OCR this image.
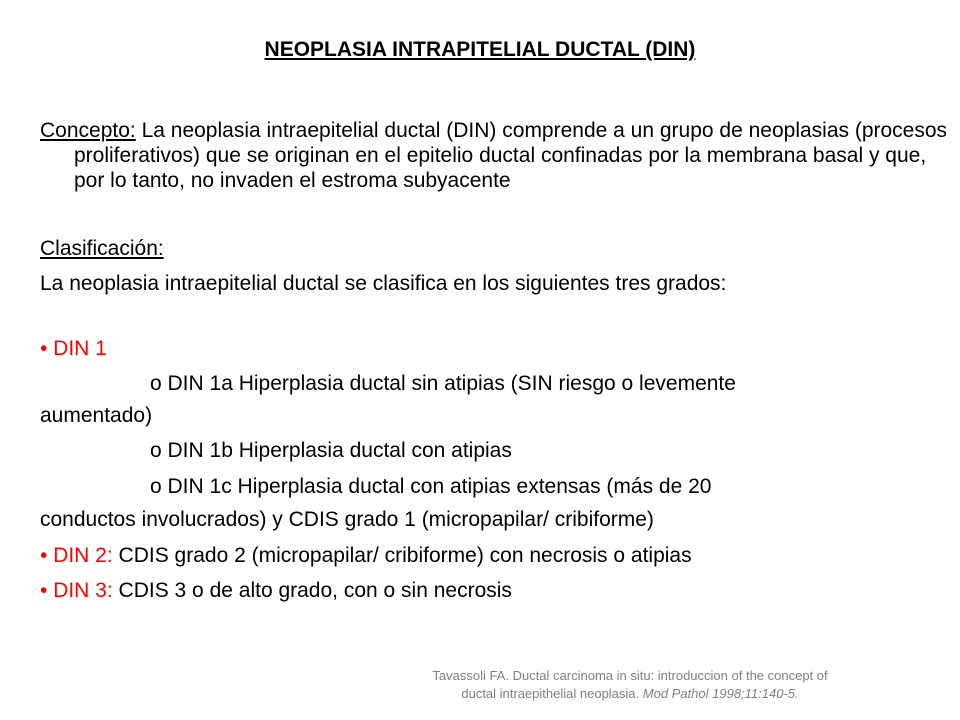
NEOPLASIA INTRAPITELIAL DUCTAL (DIN)
Concepto: La neoplasia intraepitelial ductal (DIN) comprende a un grupo de neoplasias (procesos proliferativos) que se originan en el epitelio ductal confinadas por la membrana basal y que, por lo tanto, no invaden el estroma subyacente
Clasificación:
La neoplasia intraepitelial ductal se clasifica en los siguientes tres grados:
• DIN 1
o DIN 1a Hiperplasia ductal sin atipias (SIN riesgo o levemente
aumentado)
o DIN 1b Hiperplasia ductal con atipias
o DIN 1c Hiperplasia ductal con atipias extensas (más de 20
conductos involucrados) y CDIS grado 1 (micropapilar/ cribiforme)
• DIN 2: CDIS grado 2 (micropapilar/ cribiforme) con necrosis o atipias
• DIN 3: CDIS 3 o de alto grado, con o sin necrosis
Tavassoli FA. Ductal carcinoma in situ: introduccion of the concept of
ductal intraepithelial neoplasia. Mod Pathol 1998;11:140-5.
